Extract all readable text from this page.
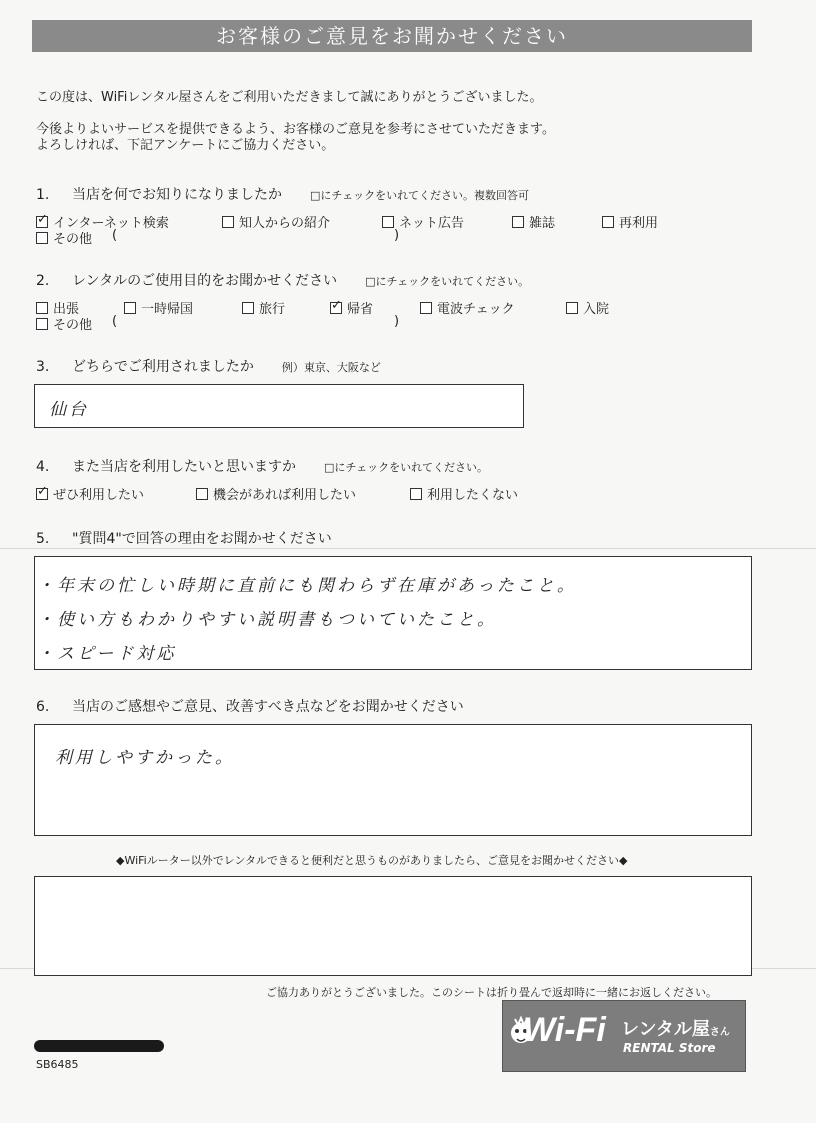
お客様のご意見をお聞かせください
この度は、WiFiレンタル屋さんをご利用いただきまして誠にありがとうございました。
今後よりよいサービスを提供できるよう、お客様のご意見を参考にさせていただきます。
よろしければ、下記アンケートにご協力ください。
1. 当店を何でお知りになりましたか	□にチェックをいれてください。複数回答可
✓インターネット検索	知人からの紹介	ネット広告	雑誌	再利用
その他 (	)
2. レンタルのご使用目的をお聞かせください	□にチェックをいれてください。
出張	一時帰国	旅行
✓	帰省	電波チェック	入院
その他 (	)
3. どちらでご利用されましたか	例）東京、大阪など
仙台
4. また当店を利用したいと思いますか	□にチェックをいれてください。
✓ぜひ利用したい	機会があれば利用したい	利用したくない
5. "質問4"で回答の理由をお聞かせください
・年末の忙しい時期に直前にも関わらず在庫があったこと。
・使い方もわかりやすい説明書もついていたこと。
・スピード対応
6. 当店のご感想やご意見、改善すべき点などをお聞かせください
利用しやすかった。
◆WiFiルーター以外でレンタルできると便利だと思うものがありましたら、ご意見をお聞かせください◆
ご協力ありがとうございました。このシートは折り畳んで返却時に一緒にお返しください。
Wi-Fi レンタル屋さん
RENTAL Store
SB6485
